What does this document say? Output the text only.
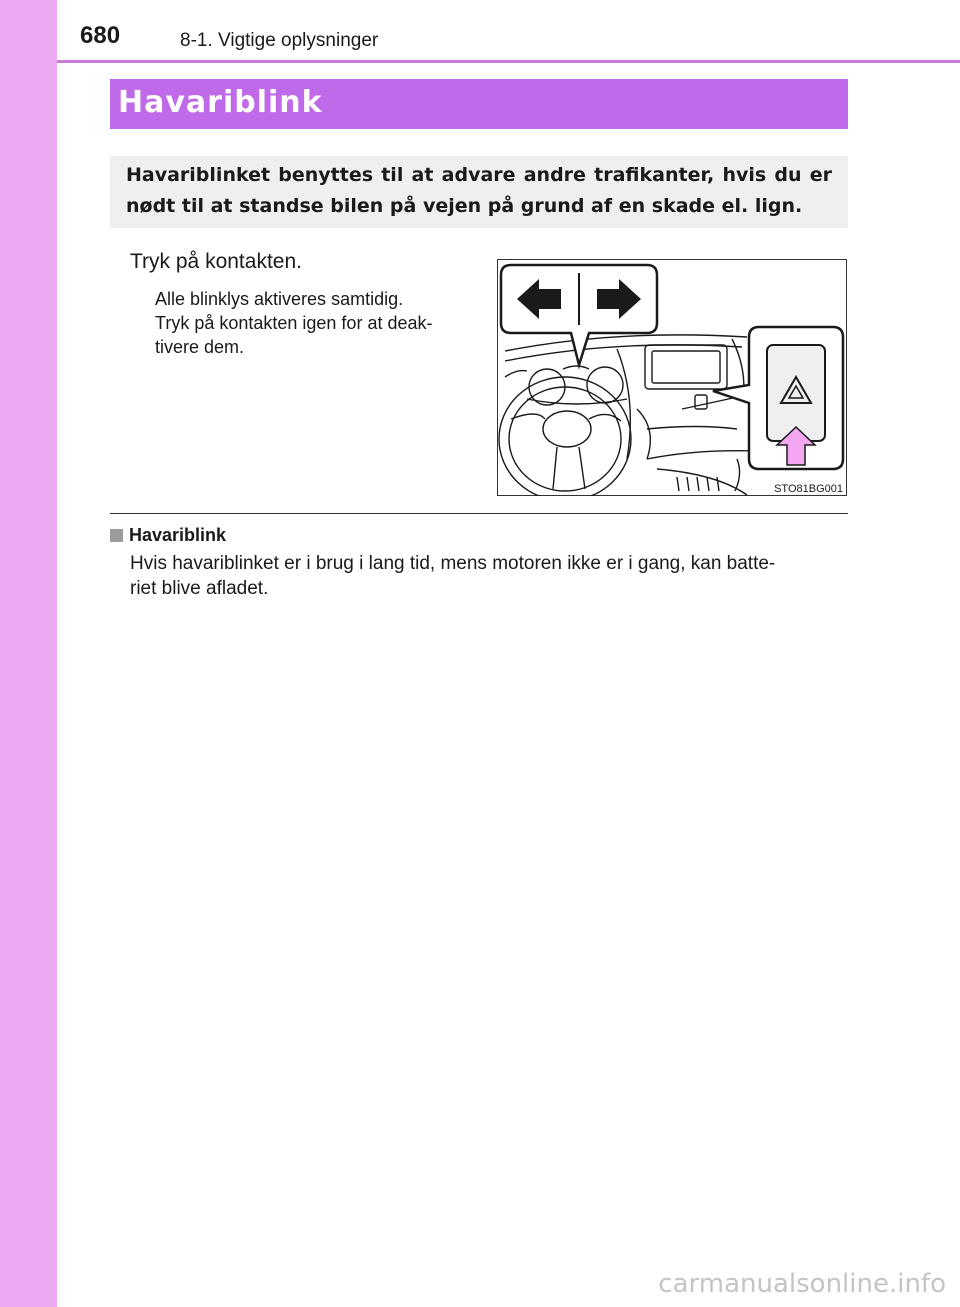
680	8-1. Vigtige oplysninger
Havariblink

Havariblinket benyttes til at advare andre trafikanter, hvis du er nødt til at standse bilen på vejen på grund af en skade el. lign.

Tryk på kontakten.
Alle blinklys aktiveres samtidig.
Tryk på kontakten igen for at deak-
tivere dem.
STO81BG001
Havariblink
Hvis havariblinket er i brug i lang tid, mens motoren ikke er i gang, kan batte-
riet blive afladet.
carmanualsonline.info
